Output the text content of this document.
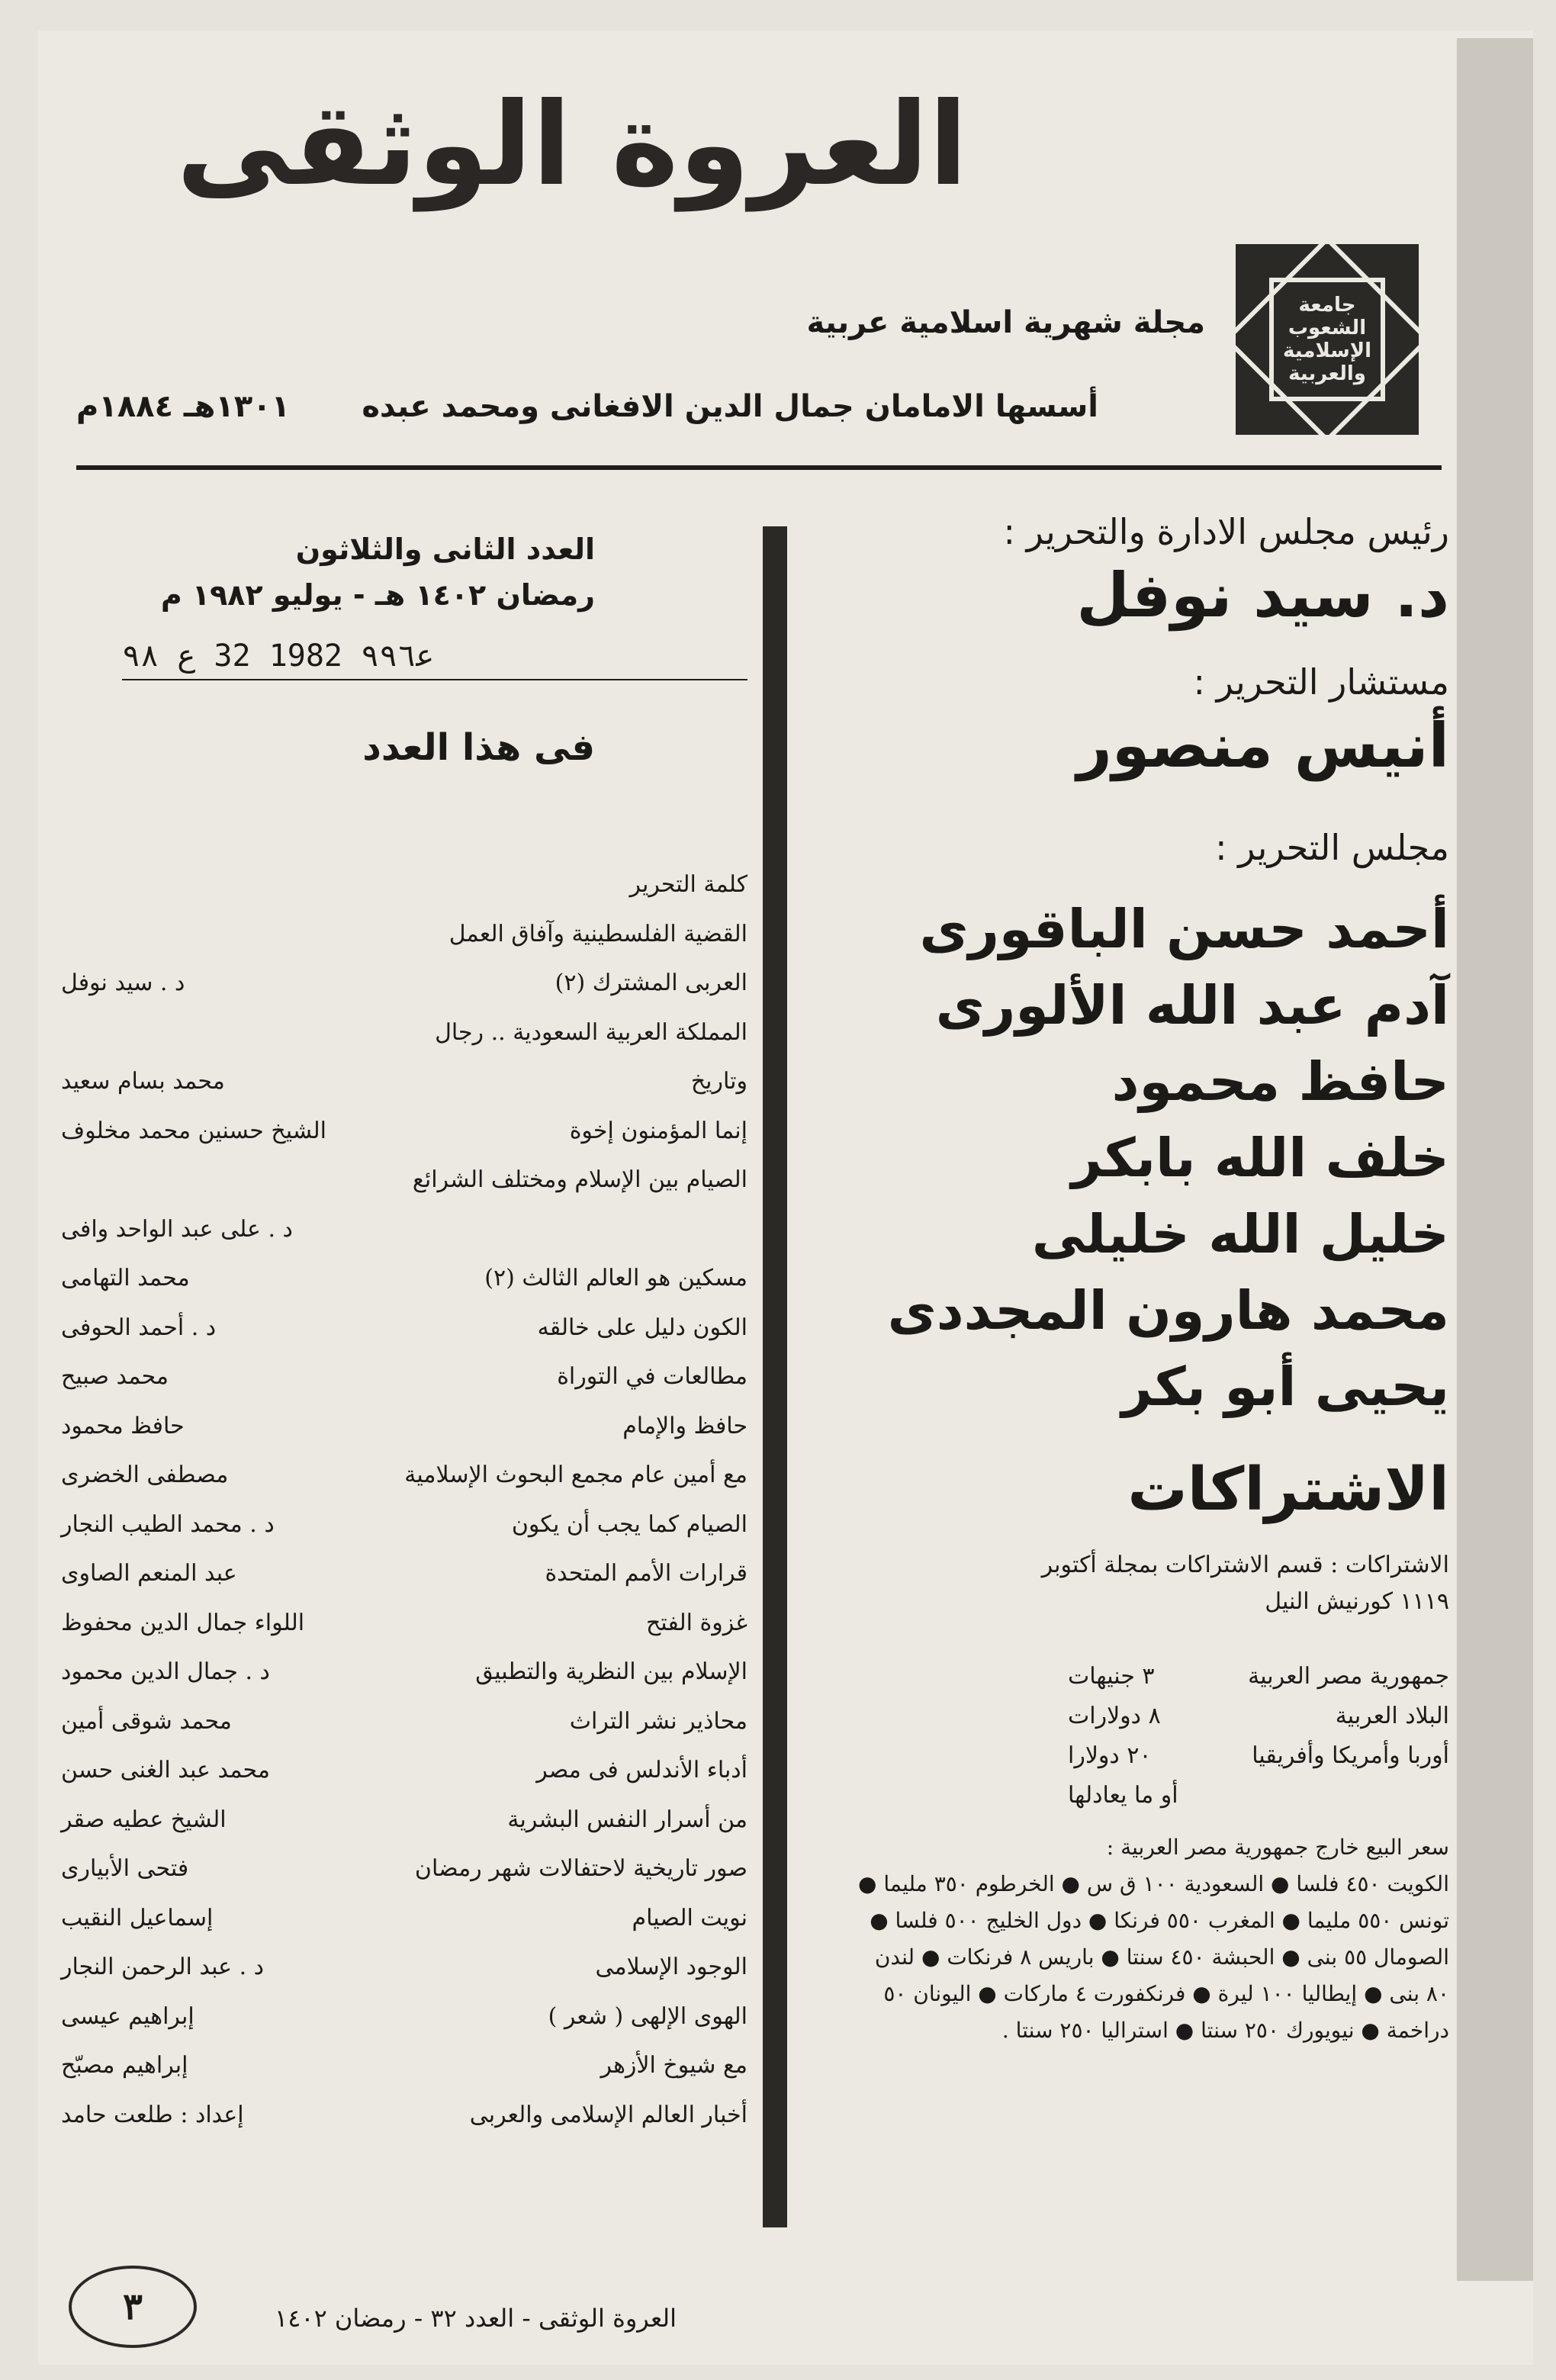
العروة الوثقى
جامعة الشعوب الإسلامية والعربية
مجلة شهرية اسلامية عربية
أسسها الامامان جمال الدين الافغانى ومحمد عبده
١٣٠١هـ ١٨٨٤م

رئيس مجلس الادارة والتحرير :

د. سيد نوفل

مستشار التحرير :

أنيس منصور

مجلس التحرير :

أحمد حسن الباقورى

آدم عبد الله الألورى

حافظ محمود

خلف الله بابكر

خليل الله خليلى

محمد هارون المجددى

يحيى أبو بكر

الاشتراكات

الاشتراكات : قسم الاشتراكات بمجلة أكتوبر

١١١٩ كورنيش النيل

جمهورية مصر العربية
٣ جنيهات
البلاد العربية
٨ دولارات
أوربا وأمريكا وأفريقيا
٢٠ دولارا
أو ما يعادلها
سعر البيع خارج جمهورية مصر العربية :
الكويت ٤٥٠ فلسا ● السعودية ١٠٠ ق س ● الخرطوم ٣٥٠ مليما ●
تونس ٥٥٠ مليما ● المغرب ٥٥٠ فرنكا ● دول الخليج ٥٠٠ فلسا ●
الصومال ٥٥ بنى ● الحبشة ٤٥٠ سنتا ● باريس ٨ فرنكات ● لندن
٨٠ بنى ● إيطاليا ١٠٠ ليرة ● فرنكفورت ٤ ماركات ● اليونان ٥٠
دراخمة ● نيويورك ٢٥٠ سنتا ● استراليا ٢٥٠ سنتا .

العدد الثانى والثلاثون

رمضان ١٤٠٢ هـ - يوليو ١٩٨٢ م

ﻋ٩٩٦ 1982 32 ع ٩٨

فى هذا العدد

كلمة التحرير
القضية الفلسطينية وآفاق العمل العربى المشترك (٢)
د . سيد نوفل
المملكة العربية السعودية .. رجال وتاريخ
محمد بسام سعيد
إنما المؤمنون إخوة
الشيخ حسنين محمد مخلوف
الصيام بين الإسلام ومختلف الشرائع
د . على عبد الواحد وافى
مسكين هو العالم الثالث (٢)
محمد التهامى
الكون دليل على خالقه
د . أحمد الحوفى
مطالعات في التوراة
محمد صبيح
حافظ والإمام
حافظ محمود
مع أمين عام مجمع البحوث الإسلامية
مصطفى الخضرى
الصيام كما يجب أن يكون
د . محمد الطيب النجار
قرارات الأمم المتحدة
عبد المنعم الصاوى
غزوة الفتح
اللواء جمال الدين محفوظ
الإسلام بين النظرية والتطبيق
د . جمال الدين محمود
محاذير نشر التراث
محمد شوقى أمين
أدباء الأندلس فى مصر
محمد عبد الغنى حسن
من أسرار النفس البشرية
الشيخ عطيه صقر
صور تاريخية لاحتفالات شهر رمضان
فتحى الأبيارى
نويت الصيام
إسماعيل النقيب
الوجود الإسلامى
د . عبد الرحمن النجار
الهوى الإلهى ( شعر )
إبراهيم عيسى
مع شيوخ الأزهر
إبراهيم مصبّح
أخبار العالم الإسلامى والعربى
إعداد : طلعت حامد
٣	العروة الوثقى - العدد ٣٢ - رمضان ١٤٠٢
